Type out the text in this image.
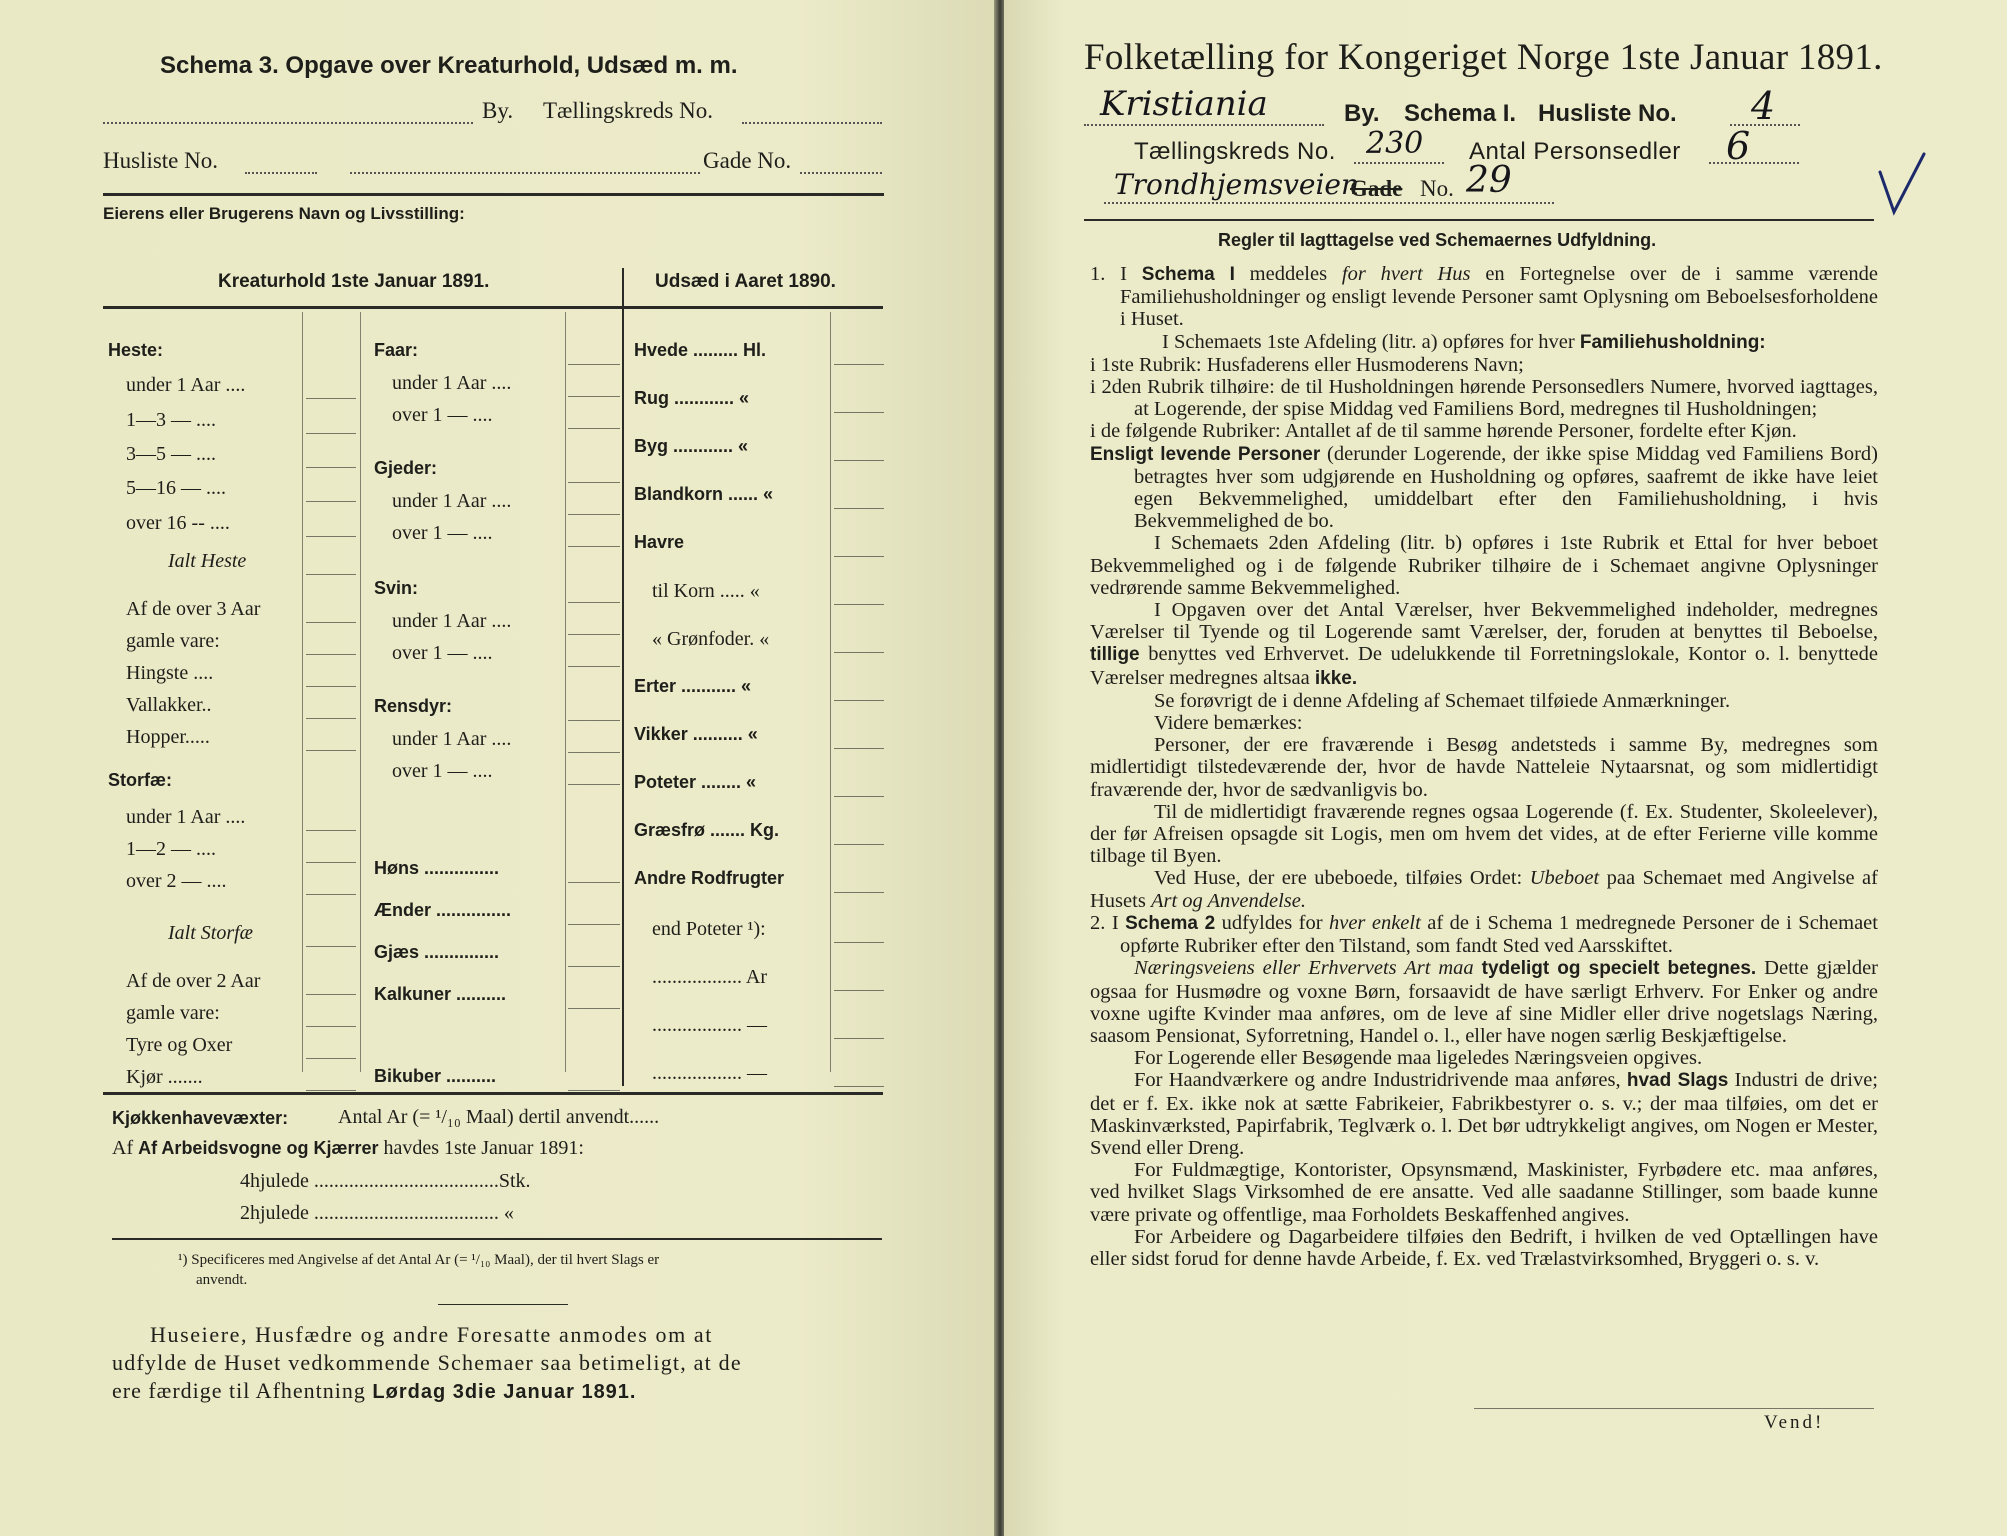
Schema 3. Opgave over Kreaturhold, Udsæd m. m.
By. Tællingskreds No.
Husliste No.	Gade No.
Eierens eller Brugerens Navn og Livsstilling:
Kreaturhold 1ste Januar 1891.	Udsæd i Aaret 1890.
Heste:
under 1 Aar ....
1—3 — ....
3—5 — ....
5—16 — ....
over 16 -- ....
Ialt Heste
Af de over 3 Aar
gamle vare:
Hingste ....
Vallakker..
Hopper.....
Storfæ:
under 1 Aar ....
1—2 — ....
over 2 — ....
Ialt Storfæ
Af de over 2 Aar
gamle vare:
Tyre og Oxer
Kjør .......
Faar:
under 1 Aar ....
over 1 — ....
Gjeder:
under 1 Aar ....
over 1 — ....
Svin:
under 1 Aar ....
over 1 — ....
Rensdyr:
under 1 Aar ....
over 1 — ....
Høns ...............
Ænder ...............
Gjæs ...............
Kalkuner ..........
Bikuber ..........
Hvede ......... Hl.
Rug ............ «
Byg ............ «
Blandkorn ...... «
Havre
til Korn ..... «
« Grønfoder. «
Erter ........... «
Vikker .......... «
Poteter ........ «
Græsfrø ....... Kg.
Andre Rodfrugter
end Poteter ¹):
.................. Ar
.................. —
.................. —
Kjøkkenhavevæxter: Antal Ar (= ¹/₁₀ Maal) dertil anvendt......
Af Af Arbeidsvogne og Kjærrer havdes 1ste Januar 1891:
4hjulede .....................................Stk.
2hjulede ..................................... «
¹) Specificeres med Angivelse af det Antal Ar (= ¹/₁₀ Maal), der til hvert Slags er
anvendt.
Huseiere, Husfædre og andre Foresatte anmodes om at
udfylde de Huset vedkommende Schemaer saa betimeligt, at de
ere færdige til Afhentning Lørdag 3die Januar 1891.
Folketælling for Kongeriget Norge 1ste Januar 1891.
Kristiania	By. Schema I. Husliste No. 4
Tællingskreds No. 230 Antal Personsedler 6
Trondhjemsveien
Gade No. 29
Regler til Iagttagelse ved Schemaernes Udfyldning.

1. I Schema I meddeles for hvert Hus en Fortegnelse over de i samme værende Familiehusholdninger og ensligt levende Personer samt Oplysning om Beboelsesforholdene i Huset.

I Schemaets 1ste Afdeling (litr. a) opføres for hver Familiehusholdning:

i 1ste Rubrik: Husfaderens eller Husmoderens Navn;

i 2den Rubrik tilhøire: de til Husholdningen hørende Personsedlers Numere, hvorved iagttages, at Logerende, der spise Middag ved Familiens Bord, medregnes til Husholdningen;

i de følgende Rubriker: Antallet af de til samme hørende Personer, fordelte efter Kjøn.

Ensligt levende Personer (derunder Logerende, der ikke spise Middag ved Familiens Bord) betragtes hver som udgjørende en Husholdning og opføres, saafremt de ikke have leiet egen Bekvemmelighed, umiddelbart efter den Familiehusholdning, i hvis Bekvemmelighed de bo.

I Schemaets 2den Afdeling (litr. b) opføres i 1ste Rubrik et Ettal for hver beboet Bekvemmelighed og i de følgende Rubriker tilhøire de i Schemaet angivne Oplysninger vedrørende samme Bekvemmelighed.

I Opgaven over det Antal Værelser, hver Bekvemmelighed indeholder, medregnes Værelser til Tyende og til Logerende samt Værelser, der, foruden at benyttes til Beboelse, tillige benyttes ved Erhvervet. De udelukkende til Forretningslokale, Kontor o. l. benyttede Værelser medregnes altsaa ikke.

Se forøvrigt de i denne Afdeling af Schemaet tilføiede Anmærkninger.

Videre bemærkes:

Personer, der ere fraværende i Besøg andetsteds i samme By, medregnes som midlertidigt tilstedeværende der, hvor de havde Natteleie Nytaarsnat, og som midlertidigt fraværende der, hvor de sædvanligvis bo.

Til de midlertidigt fraværende regnes ogsaa Logerende (f. Ex. Studenter, Skoleelever), der før Afreisen opsagde sit Logis, men om hvem det vides, at de efter Ferierne ville komme tilbage til Byen.

Ved Huse, der ere ubeboede, tilføies Ordet: Ubeboet paa Schemaet med Angivelse af Husets Art og Anvendelse.

2. I Schema 2 udfyldes for hver enkelt af de i Schema 1 medregnede Personer de i Schemaet opførte Rubriker efter den Tilstand, som fandt Sted ved Aarsskiftet.

Næringsveiens eller Erhvervets Art maa tydeligt og specielt betegnes. Dette gjælder ogsaa for Husmødre og voxne Børn, forsaavidt de have særligt Erhverv. For Enker og andre voxne ugifte Kvinder maa anføres, om de leve af sine Midler eller drive nogetslags Næring, saasom Pensionat, Syforretning, Handel o. l., eller have nogen særlig Beskjæftigelse.

For Logerende eller Besøgende maa ligeledes Næringsveien opgives.

For Haandværkere og andre Industridrivende maa anføres, hvad Slags Industri de drive; det er f. Ex. ikke nok at sætte Fabrikeier, Fabrikbestyrer o. s. v.; der maa tilføies, om det er Maskinværksted, Papirfabrik, Teglværk o. l. Det bør udtrykkeligt angives, om Nogen er Mester, Svend eller Dreng.

For Fuldmægtige, Kontorister, Opsynsmænd, Maskinister, Fyrbødere etc. maa anføres, ved hvilket Slags Virksomhed de ere ansatte. Ved alle saadanne Stillinger, som baade kunne være private og offentlige, maa Forholdets Beskaffenhed angives.

For Arbeidere og Dagarbeidere tilføies den Bedrift, i hvilken de ved Optællingen have eller sidst forud for denne havde Arbeide, f. Ex. ved Trælastvirksomhed, Bryggeri o. s. v.

Vend!
